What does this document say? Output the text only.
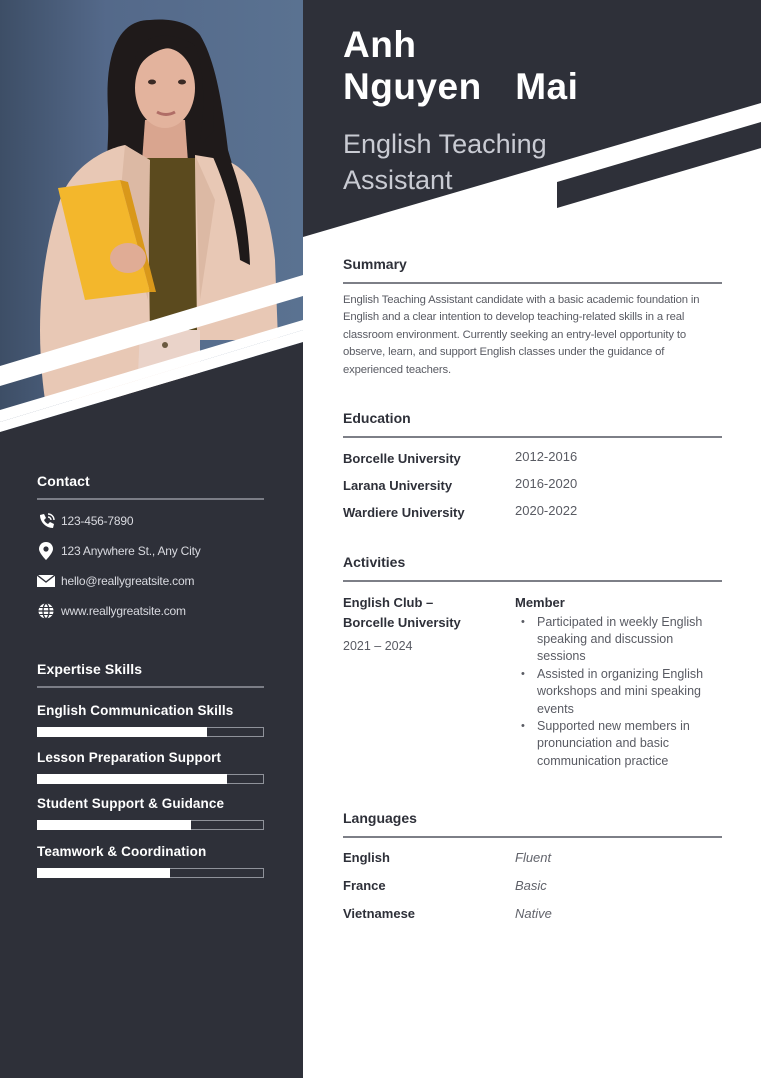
Contact
123-456-7890
123 Anywhere St., Any City
hello@reallygreatsite.com
www.reallygreatsite.com
Expertise Skills
English Communication Skills
Lesson Preparation Support
Student Support & Guidance
Teamwork & Coordination
Anh
Nguyen  Mai
English Teaching
Assistant
Summary
English Teaching Assistant candidate with a basic academic foundation in English and a clear intention to develop teaching-related skills in a real classroom environment. Currently seeking an entry-level opportunity to observe, learn, and support English classes under the guidance of experienced teachers.
Education
Borcelle University	2012-2016
Larana University	2016-2020
Wardiere University	2020-2022
Activities
English Club –
Borcelle University
2021 – 2024
Member
• Participated in weekly English speaking and discussion sessions
• Assisted in organizing English workshops and mini speaking events
• Supported new members in pronunciation and basic communication practice
Languages
English	Fluent
France	Basic
Vietnamese	Native
